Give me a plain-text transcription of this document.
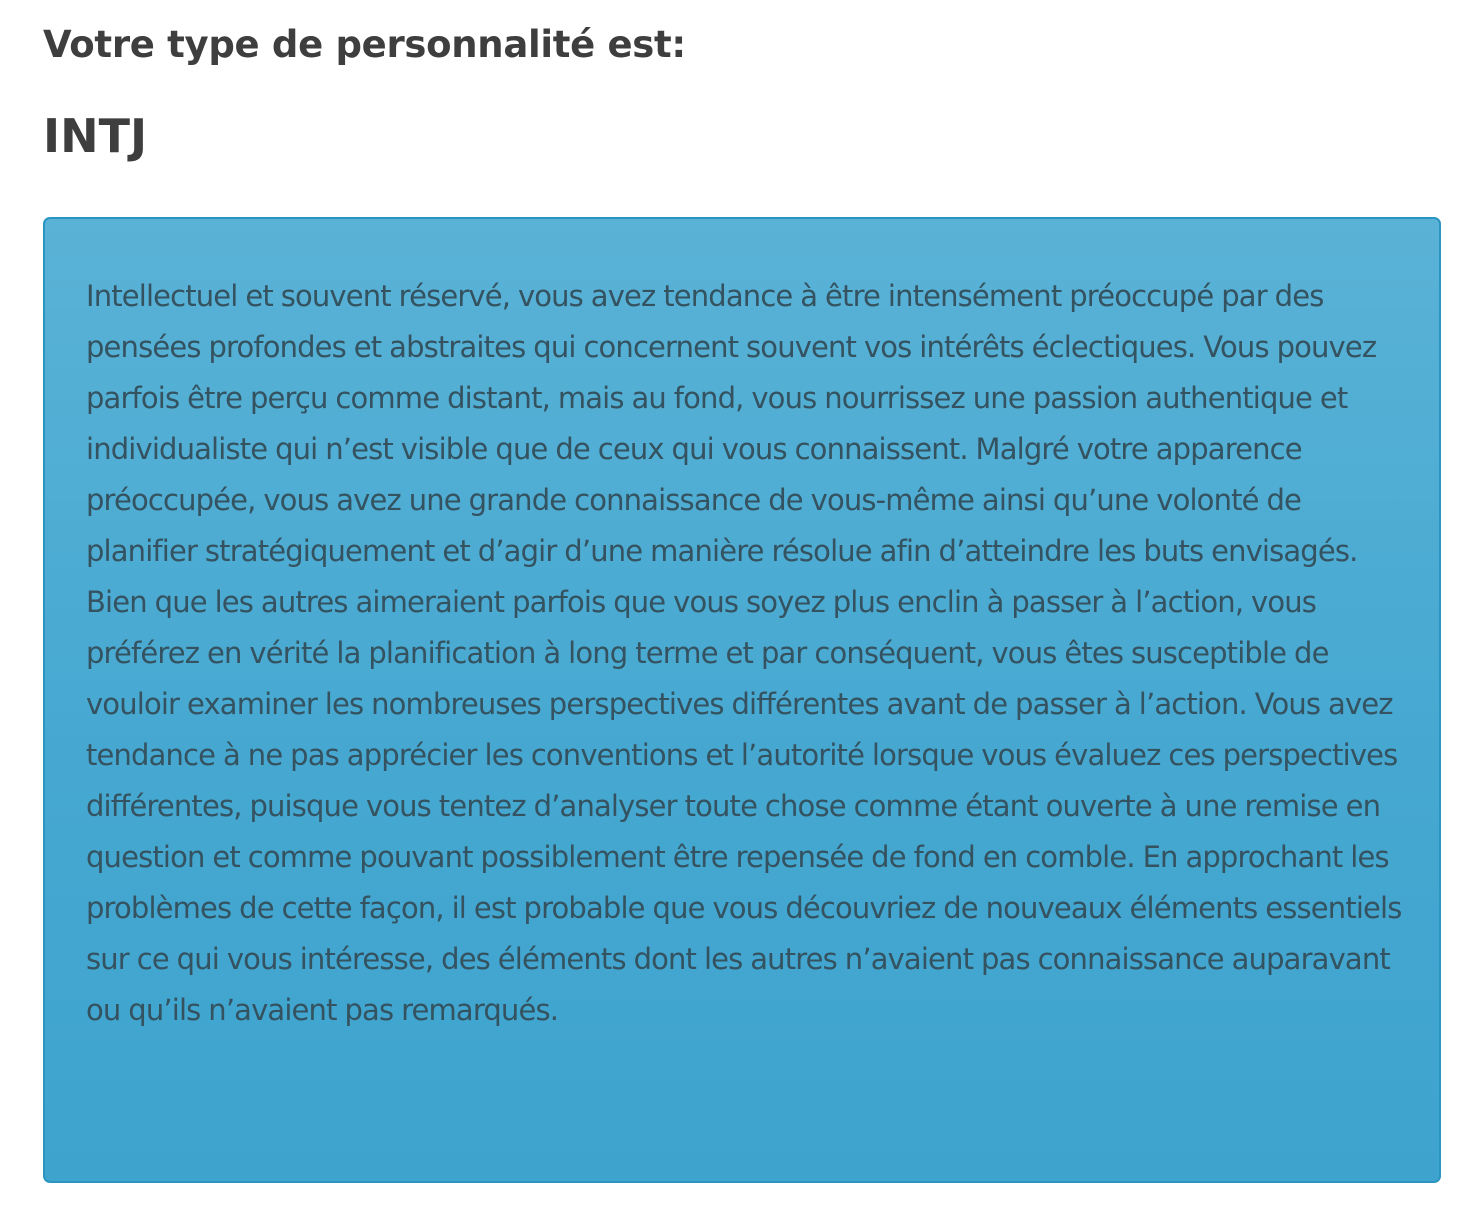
Votre type de personnalité est:
INTJ

Intellectuel et souvent réservé, vous avez tendance à être intensément préoccupé par des pensées profondes et abstraites qui concernent souvent vos intérêts éclectiques. Vous pouvez parfois être perçu comme distant, mais au fond, vous nourrissez une passion authentique et individualiste qui n’est visible que de ceux qui vous connaissent. Malgré votre apparence préoccupée, vous avez une grande connaissance de vous-même ainsi qu’une volonté de planifier stratégiquement et d’agir d’une manière résolue afin d’atteindre les buts envisagés. Bien que les autres aimeraient parfois que vous soyez plus enclin à passer à l’action, vous préférez en vérité la planification à long terme et par conséquent, vous êtes susceptible de vouloir examiner les nombreuses perspectives différentes avant de passer à l’action. Vous avez tendance à ne pas apprécier les conventions et l’autorité lorsque vous évaluez ces perspectives différentes, puisque vous tentez d’analyser toute chose comme étant ouverte à une remise en question et comme pouvant possiblement être repensée de fond en comble. En approchant les problèmes de cette façon, il est probable que vous découvriez de nouveaux éléments essentiels sur ce qui vous intéresse, des éléments dont les autres n’avaient pas connaissance auparavant ou qu’ils n’avaient pas remarqués.
